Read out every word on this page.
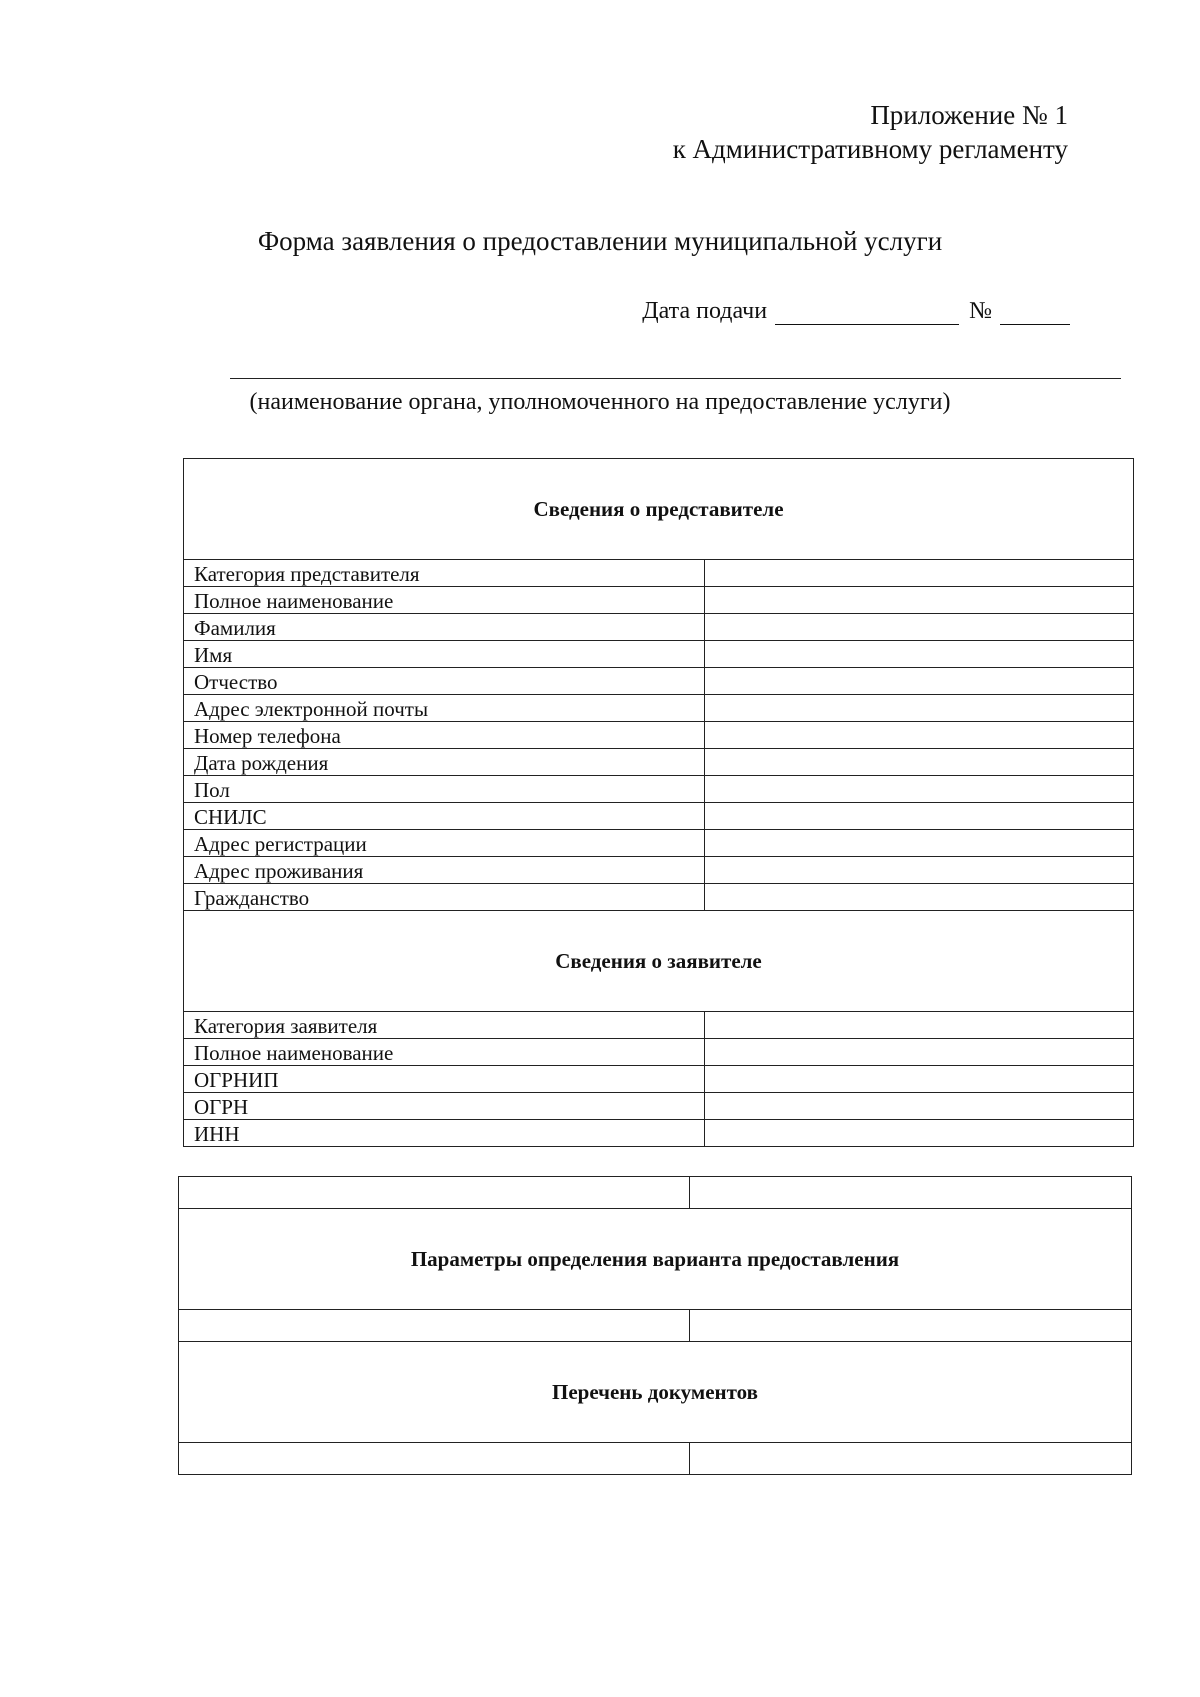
Приложение № 1
к Административному регламенту
Форма заявления о предоставлении муниципальной услуги
Дата подачи	№
(наименование органа, уполномоченного на предоставление услуги)
Сведения о представителе	
Категория представителя	
Полное наименование	
Фамилия	
Имя	
Отчество	
Адрес электронной почты	
Номер телефона	
Дата рождения	
Пол	
СНИЛС	
Адрес регистрации	
Адрес проживания	
Гражданство	
Сведения о заявителе	
Категория заявителя	
Полное наименование	
ОГРНИП	
ОГРН	
ИНН	

Параметры определения варианта предоставления	

Перечень документов	
